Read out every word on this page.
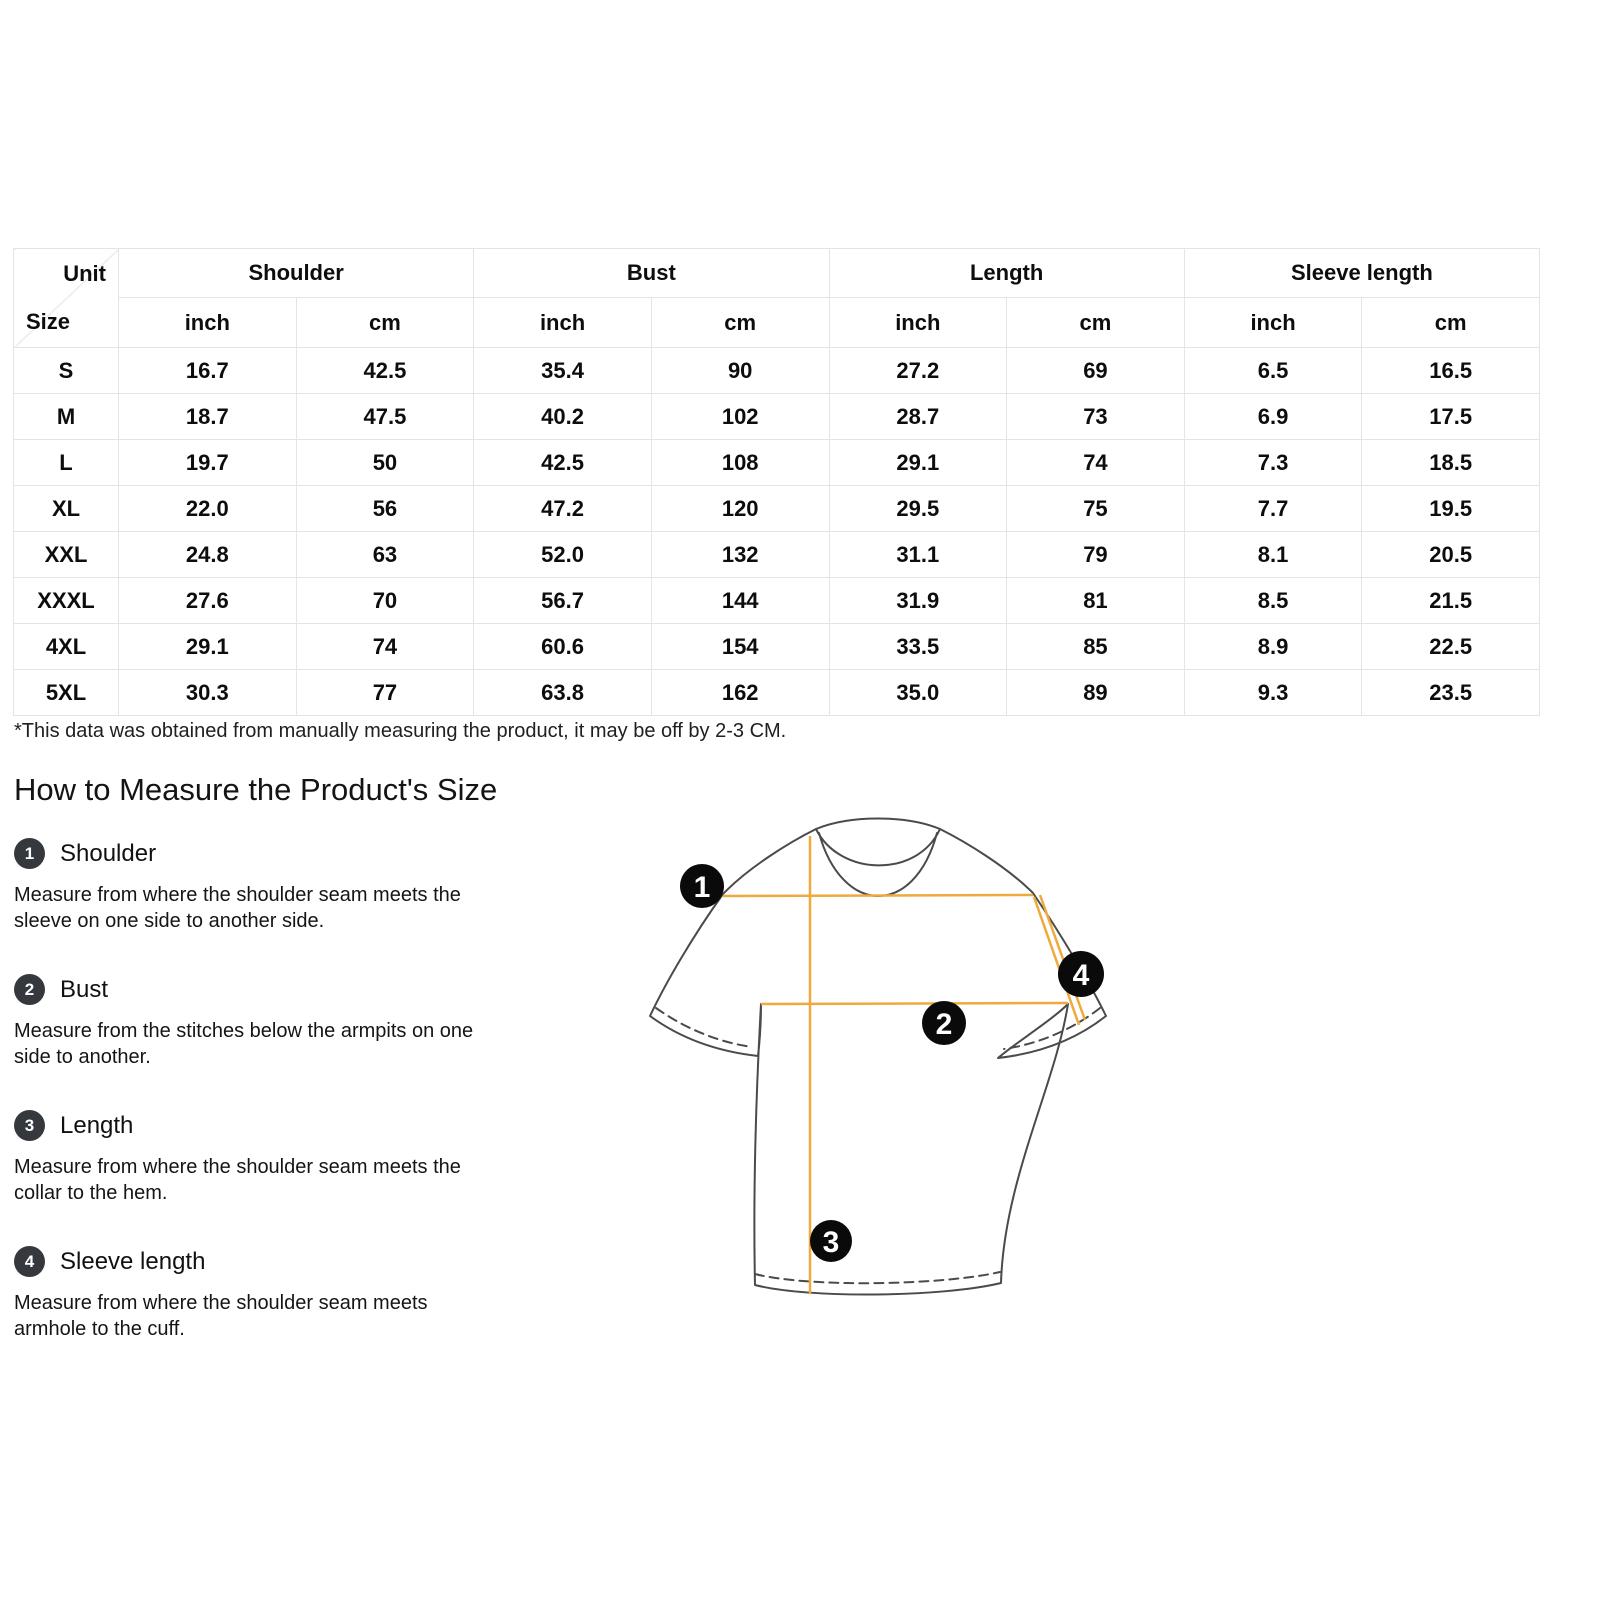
Unit
Size	Shoulder		Bust		Length		Sleeve length	
	inch	cm	inch	cm	inch	cm	inch	cm
S	16.7	42.5	35.4	90	27.2	69	6.5	16.5
M	18.7	47.5	40.2	102	28.7	73	6.9	17.5
L	19.7	50	42.5	108	29.1	74	7.3	18.5
XL	22.0	56	47.2	120	29.5	75	7.7	19.5
XXL	24.8	63	52.0	132	31.1	79	8.1	20.5
XXXL	27.6	70	56.7	144	31.9	81	8.5	21.5
4XL	29.1	74	60.6	154	33.5	85	8.9	22.5
5XL	30.3	77	63.8	162	35.0	89	9.3	23.5

*This data was obtained from manually measuring the product, it may be off by 2-3 CM.

How to Measure the Product's Size
1 Shoulder

Measure from where the shoulder seam meets the sleeve on one side to another side.

2 Bust

Measure from the stitches below the armpits on one side to another.

3 Length

Measure from where the shoulder seam meets the collar to the hem.

4 Sleeve length

Measure from where the shoulder seam meets armhole to the cuff.

1
2
3
4
